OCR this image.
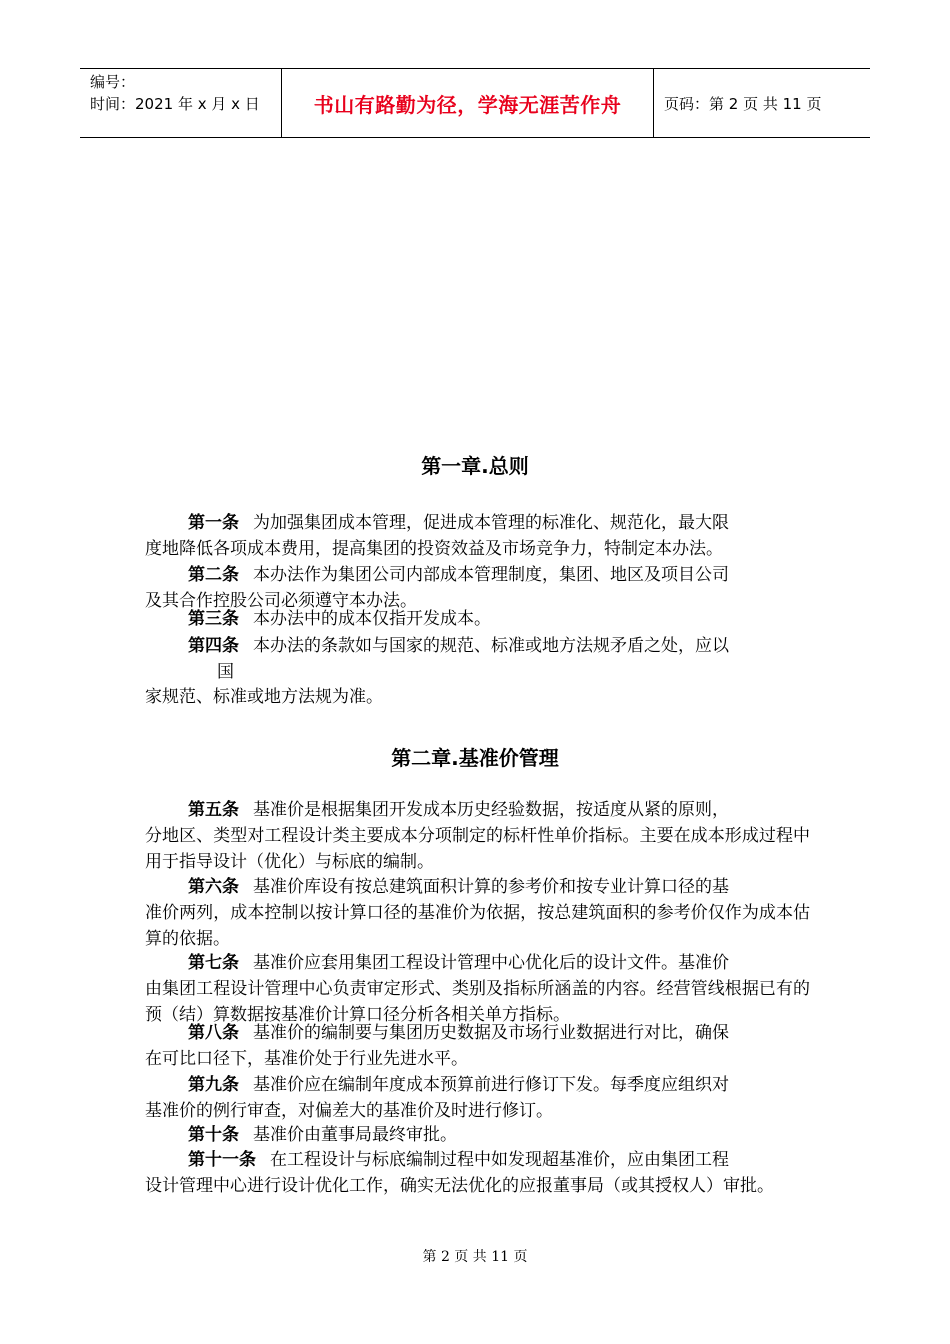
编号：
时间：2021 年 x 月 x 日	书山有路勤为径，学海无涯苦作舟	页码：第 2 页 共 11 页
第一章.总则
第一条 为加强集团成本管理，促进成本管理的标准化、规范化，最大限
度地降低各项成本费用，提高集团的投资效益及市场竞争力，特制定本办法。
第二条 本办法作为集团公司内部成本管理制度，集团、地区及项目公司
及其合作控股公司必须遵守本办法。
第三条 本办法中的成本仅指开发成本。
第四条 本办法的条款如与国家的规范、标准或地方法规矛盾之处，应以
国
家规范、标准或地方法规为准。
第二章.基准价管理
第五条 基准价是根据集团开发成本历史经验数据，按适度从紧的原则，
分地区、类型对工程设计类主要成本分项制定的标杆性单价指标。主要在成本形成过程中用于指导设计（优化）与标底的编制。
第六条 基准价库设有按总建筑面积计算的参考价和按专业计算口径的基
准价两列，成本控制以按计算口径的基准价为依据，按总建筑面积的参考价仅作为成本估算的依据。
第七条 基准价应套用集团工程设计管理中心优化后的设计文件。基准价
由集团工程设计管理中心负责审定形式、类别及指标所涵盖的内容。经营管线根据已有的预（结）算数据按基准价计算口径分析各相关单方指标。
第八条 基准价的编制要与集团历史数据及市场行业数据进行对比，确保
在可比口径下，基准价处于行业先进水平。
第九条 基准价应在编制年度成本预算前进行修订下发。每季度应组织对
基准价的例行审查，对偏差大的基准价及时进行修订。
第十条 基准价由董事局最终审批。
第十一条 在工程设计与标底编制过程中如发现超基准价，应由集团工程
设计管理中心进行设计优化工作，确实无法优化的应报董事局（或其授权人）审批。
第 2 页 共 11 页
